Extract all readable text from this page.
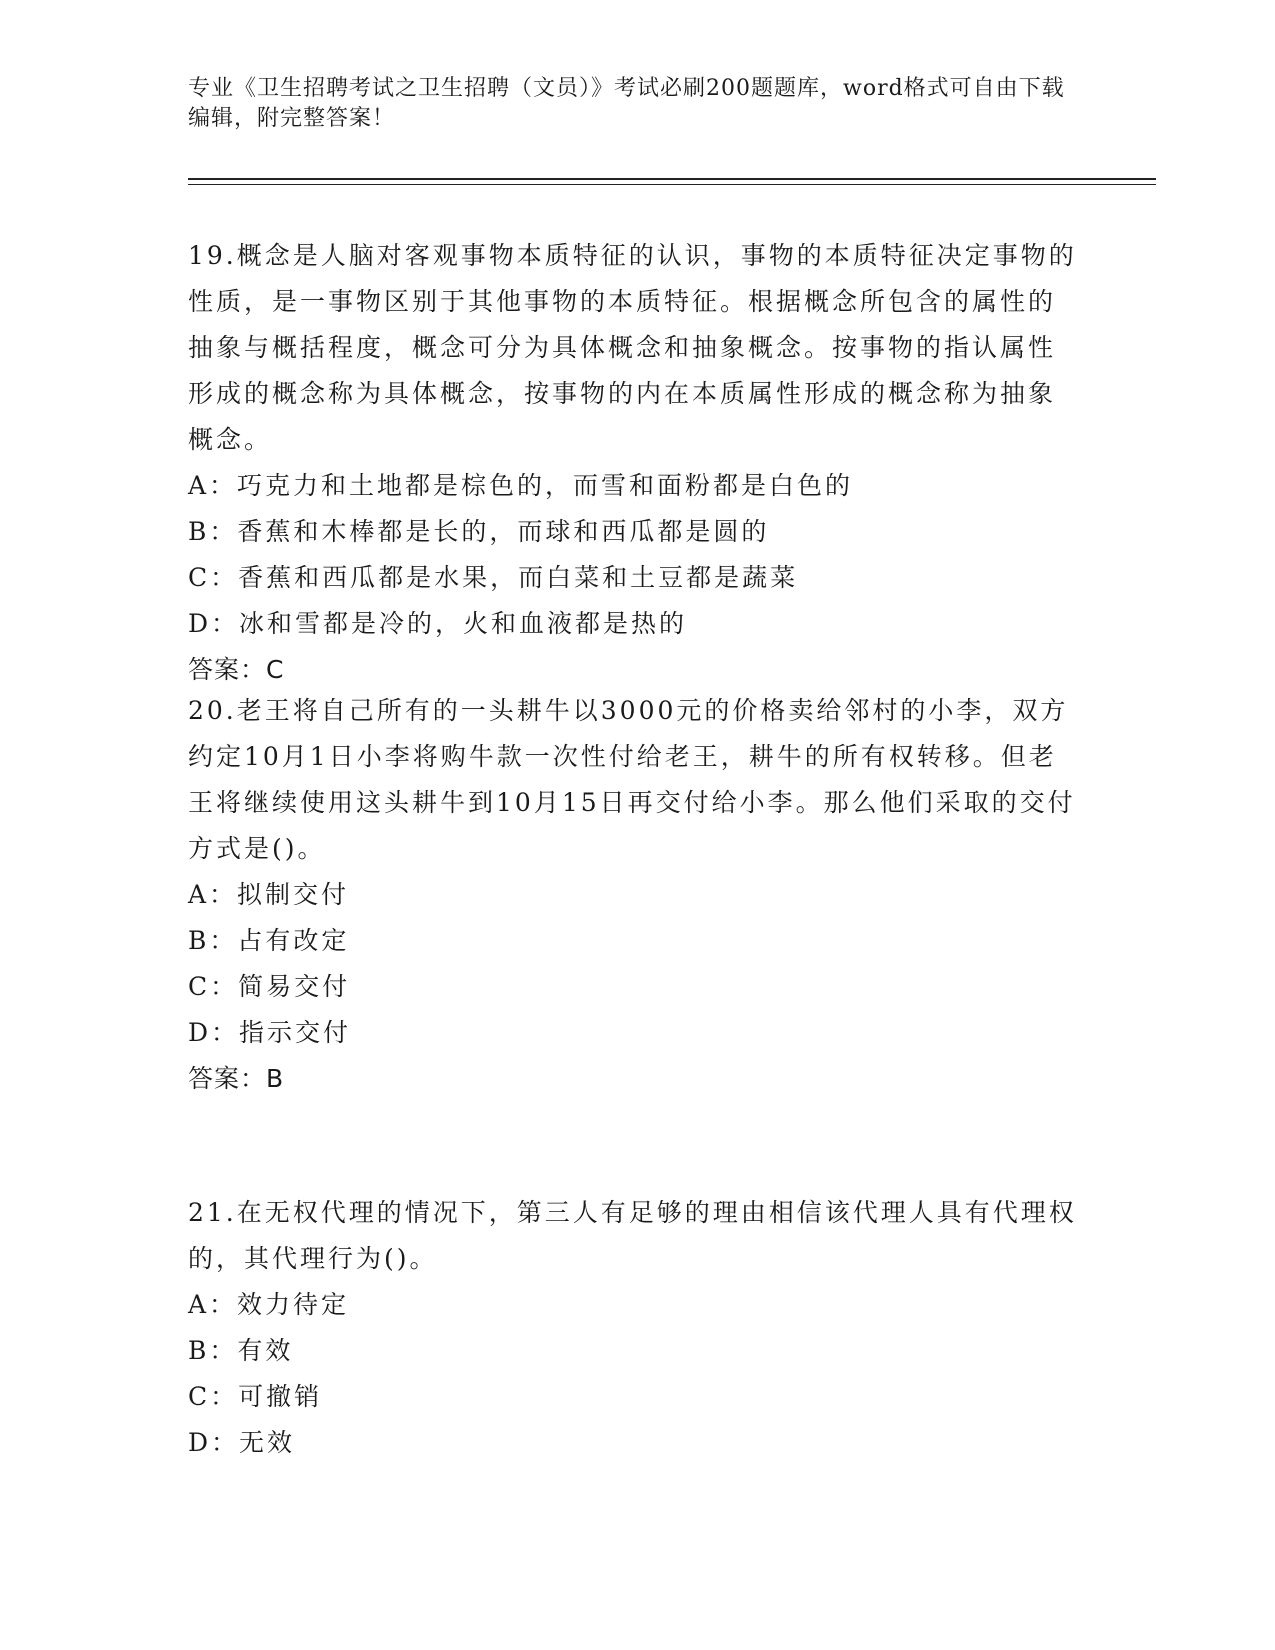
专业《卫生招聘考试之卫生招聘（文员）》考试必刷200题题库，word格式可自由下载编辑，附完整答案！

19.概念是人脑对客观事物本质特征的认识，事物的本质特征决定事物的性质，是一事物区别于其他事物的本质特征。根据概念所包含的属性的抽象与概括程度，概念可分为具体概念和抽象概念。按事物的指认属性形成的概念称为具体概念，按事物的内在本质属性形成的概念称为抽象概念。

A：巧克力和土地都是棕色的，而雪和面粉都是白色的

B：香蕉和木棒都是长的，而球和西瓜都是圆的

C：香蕉和西瓜都是水果，而白菜和土豆都是蔬菜

D：冰和雪都是冷的，火和血液都是热的

答案：C

20.老王将自己所有的一头耕牛以3000元的价格卖给邻村的小李，双方约定10月1日小李将购牛款一次性付给老王，耕牛的所有权转移。但老王将继续使用这头耕牛到10月15日再交付给小李。那么他们采取的交付方式是()。

A：拟制交付

B：占有改定

C：简易交付

D：指示交付

答案：B

21.在无权代理的情况下，第三人有足够的理由相信该代理人具有代理权的，其代理行为()。

A：效力待定

B：有效

C：可撤销

D：无效
